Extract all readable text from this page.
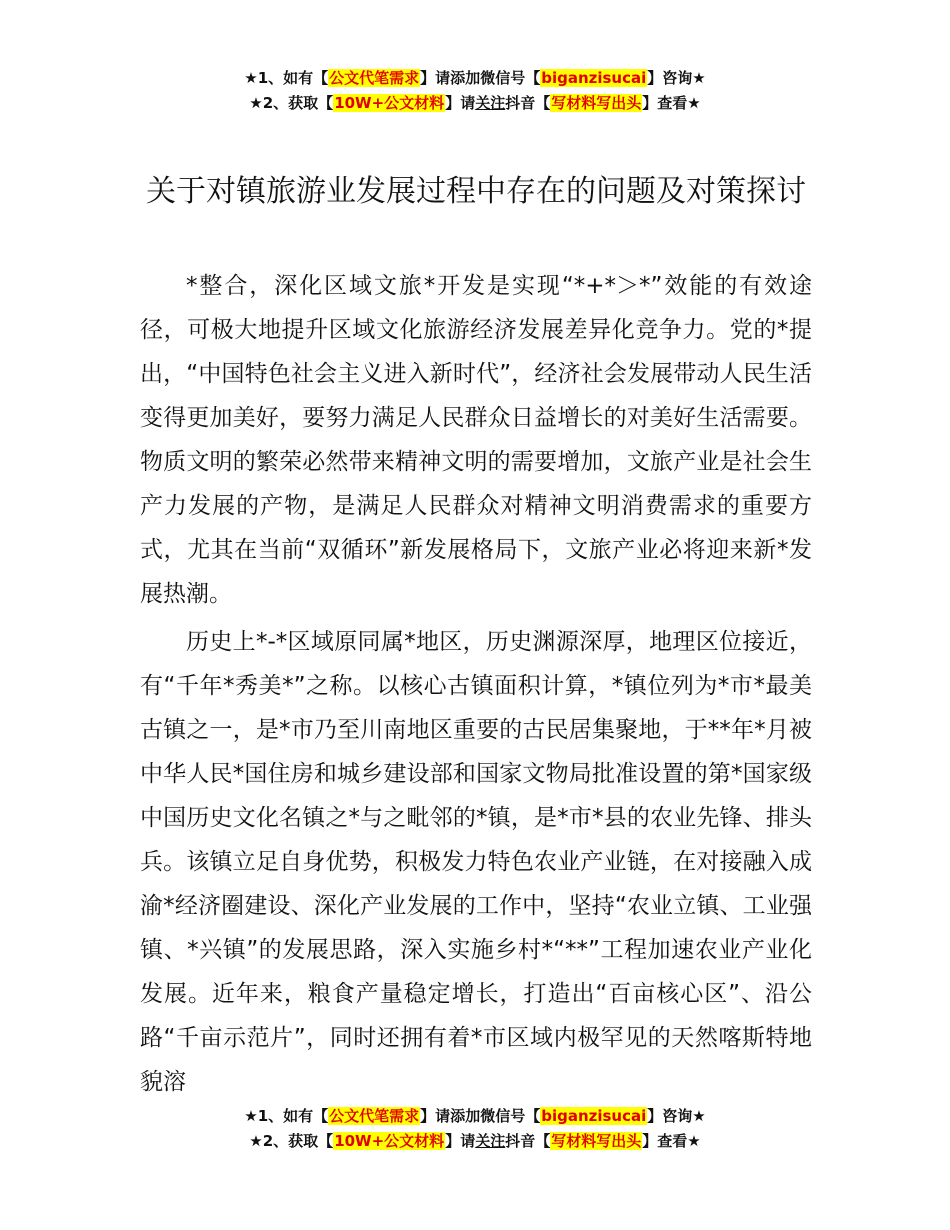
★1、如有【公文代笔需求】请添加微信号【biganzisucai】咨询★
★2、获取【10W+公文材料】请关注抖音【写材料写出头】查看★
关于对镇旅游业发展过程中存在的问题及对策探讨

*整合，深化区域文旅*开发是实现“*+*＞*”效能的有效途径，可极大地提升区域文化旅游经济发展差异化竞争力。党的*提出，“中国特色社会主义进入新时代”，经济社会发展带动人民生活变得更加美好，要努力满足人民群众日益增长的对美好生活需要。物质文明的繁荣必然带来精神文明的需要增加，文旅产业是社会生产力发展的产物，是满足人民群众对精神文明消费需求的重要方式，尤其在当前“双循环”新发展格局下，文旅产业必将迎来新*发展热潮。

历史上*-*区域原同属*地区，历史渊源深厚，地理区位接近，有“千年*秀美*”之称。以核心古镇面积计算，*镇位列为*市*最美古镇之一，是*市乃至川南地区重要的古民居集聚地，于**年*月被中华人民*国住房和城乡建设部和国家文物局批准设置的第*国家级中国历史文化名镇之*与之毗邻的*镇，是*市*县的农业先锋、排头兵。该镇立足自身优势，积极发力特色农业产业链，在对接融入成渝*经济圈建设、深化产业发展的工作中，坚持“农业立镇、工业强镇、*兴镇”的发展思路，深入实施乡村*“**”工程加速农业产业化发展。近年来，粮食产量稳定增长，打造出“百亩核心区”、沿公路“千亩示范片”，同时还拥有着*市区域内极罕见的天然喀斯特地貌溶

★1、如有【公文代笔需求】请添加微信号【biganzisucai】咨询★
★2、获取【10W+公文材料】请关注抖音【写材料写出头】查看★
